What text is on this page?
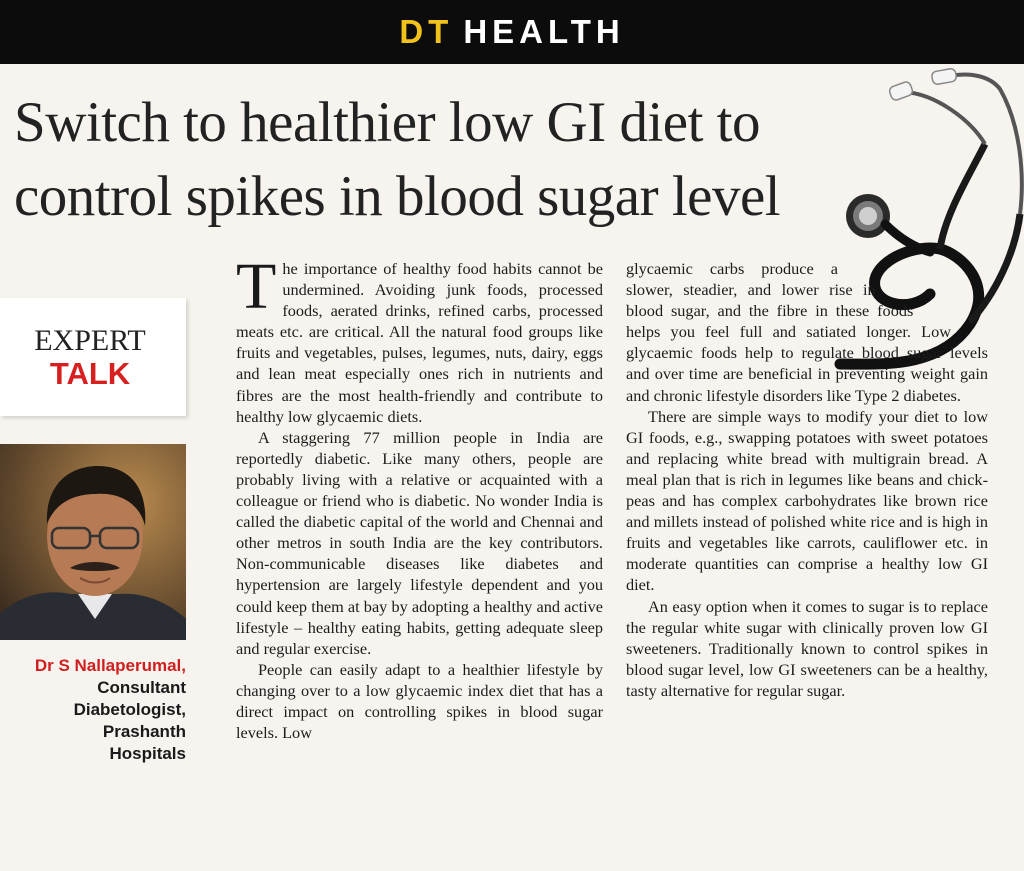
DT HEALTH
Switch to healthier low GI diet to control spikes in blood sugar level
EXPERT
TALK
Dr S Nallaperumal,
Consultant
Diabetologist,
Prashanth
Hospitals

The importance of healthy food habits cannot be undermined. Avoiding junk foods, processed foods, aerated drinks, refined carbs, processed meats etc. are critical. All the natural food groups like fruits and vegetables, pulses, legumes, nuts, dairy, eggs and lean meat especially ones rich in nutrients and fibres are the most health-friendly and contribute to healthy low glycaemic diets.

A staggering 77 million people in India are reportedly diabetic. Like many others, people are probably living with a relative or acquainted with a colleague or friend who is diabetic. No wonder India is called the diabetic capital of the world and Chennai and other metros in south India are the key contributors. Non-communicable diseases like diabetes and hypertension are largely lifestyle dependent and you could keep them at bay by adopting a healthy and active lifestyle – healthy eating habits, getting adequate sleep and regular exercise.

People can easily adapt to a healthier lifestyle by changing over to a low glycaemic index diet that has a direct impact on controlling spikes in blood sugar levels. Low

glycaemic carbs produce a slower, steadier, and lower rise in blood sugar, and the fibre in these foods helps you feel full and satiated longer. Low glycaemic foods help to regulate blood sugar levels and over time are beneficial in preventing weight gain and chronic lifestyle disorders like Type 2 diabetes.

There are simple ways to modify your diet to low GI foods, e.g., swapping potatoes with sweet potatoes and replacing white bread with multigrain bread. A meal plan that is rich in legumes like beans and chickpeas and has complex carbohydrates like brown rice and millets instead of polished white rice and is high in fruits and vegetables like carrots, cauliflower etc. in moderate quantities can comprise a healthy low GI diet.

An easy option when it comes to sugar is to replace the regular white sugar with clinically proven low GI sweeteners. Traditionally known to control spikes in blood sugar level, low GI sweeteners can be a healthy, tasty alternative for regular sugar.
